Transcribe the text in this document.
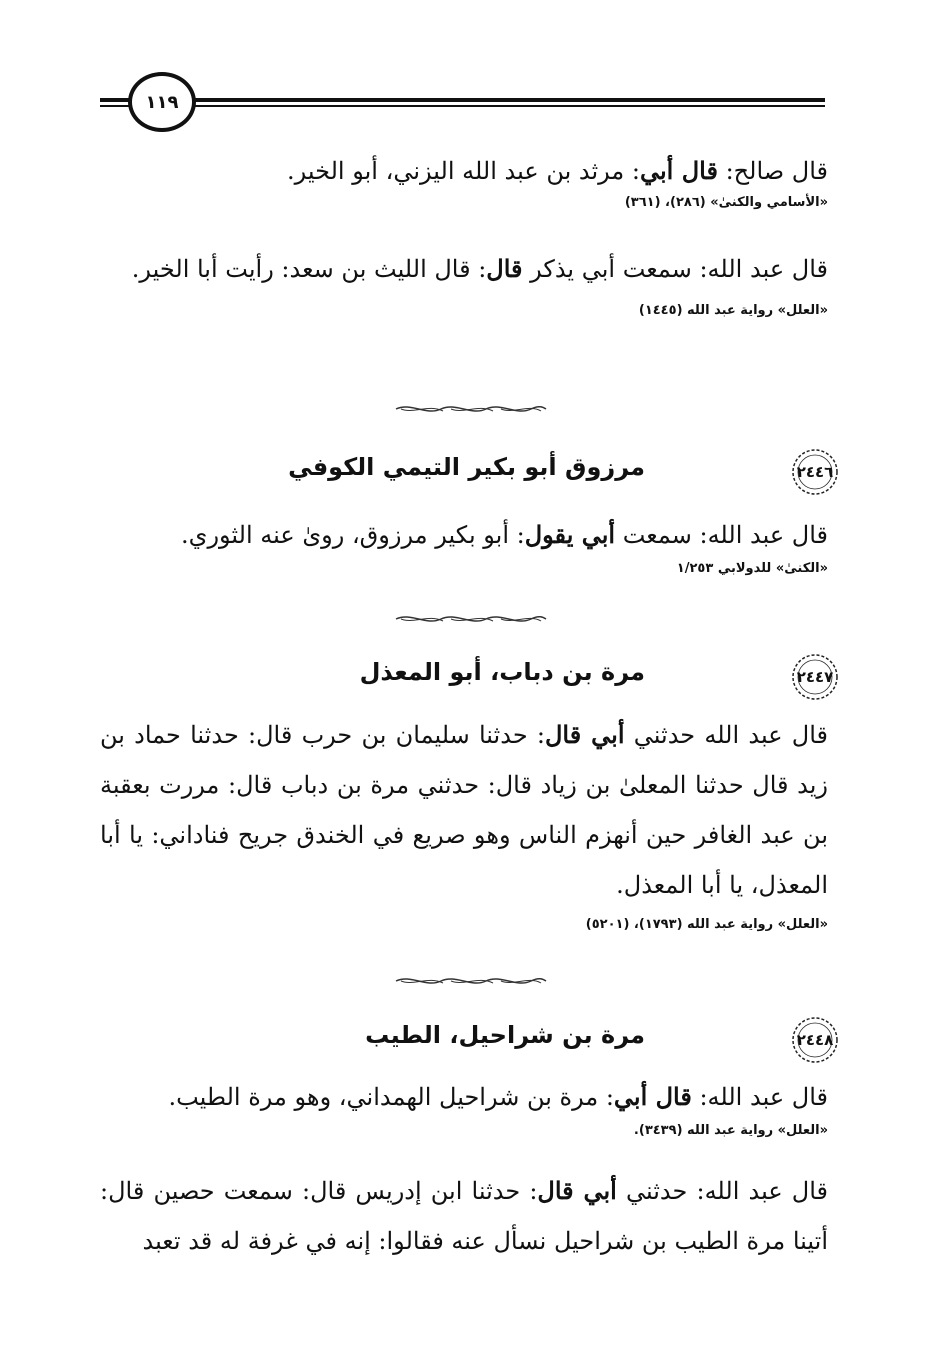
١١٩

قال صالح: قال أبي: مرثد بن عبد الله اليزني، أبو الخير.

«الأسامي والكنىٰ» (٢٨٦)، (٣٦١)

قال عبد الله: سمعت أبي يذكر قال: قال الليث بن سعد: رأيت أبا الخير.

«العلل» رواية عبد الله (١٤٤٥)

٢٤٤٦
مرزوق أبو بكير التيمي الكوفي

قال عبد الله: سمعت أبي يقول: أبو بكير مرزوق، روىٰ عنه الثوري.

«الكنىٰ» للدولابي ١/٢٥٣

٢٤٤٧
مرة بن دباب، أبو المعذل

قال عبد الله حدثني أبي قال: حدثنا سليمان بن حرب قال: حدثنا حماد بن زيد قال حدثنا المعلىٰ بن زياد قال: حدثني مرة بن دباب قال: مررت بعقبة بن عبد الغافر حين أنهزم الناس وهو صريع في الخندق جريح فناداني: يا أبا المعذل، يا أبا المعذل.

«العلل» رواية عبد الله (١٧٩٣)، (٥٢٠١)

٢٤٤٨
مرة بن شراحيل، الطيب

قال عبد الله: قال أبي: مرة بن شراحيل الهمداني، وهو مرة الطيب.

«العلل» رواية عبد الله (٣٤٣٩).

قال عبد الله: حدثني أبي قال: حدثنا ابن إدريس قال: سمعت حصين قال: أتينا مرة الطيب بن شراحيل نسأل عنه فقالوا: إنه في غرفة له قد تعبد
